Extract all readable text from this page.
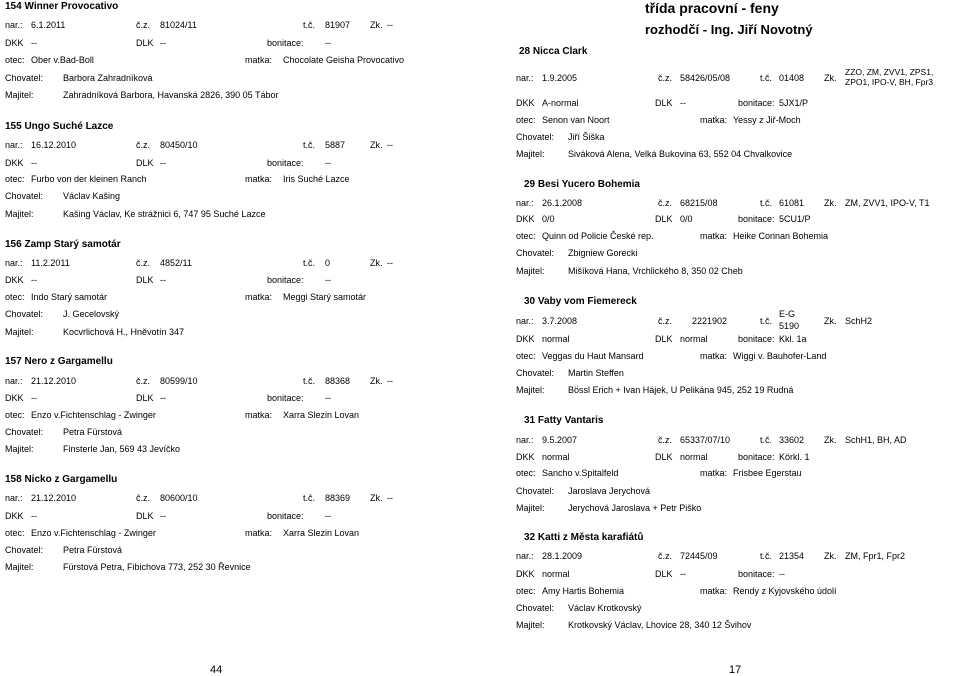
154 Winner Provocativo
nar.: 6.1.2011	č.z. 81024/11	t.č. 81907 Zk. --
DKK --	DLK --	bonitace: --
otec: Ober v.Bad-Boll	matka: Chocolate Geisha Provocativo
Chovatel: Barbora Zahradníková
Majitel:	Zahradníková Barbora, Havanská 2826, 390 05 Tábor
155 Ungo Suché Lazce
nar.: 16.12.2010	č.z. 80450/10	t.č. 5887	Zk. --
DKK --	DLK --	bonitace: --
otec: Furbo von der kleinen Ranch	matka: Iris Suché Lazce
Chovatel: Václav Kašing
Majitel:	Kašing Václav, Ke strážnici 6, 747 95 Suché Lazce
156 Zamp Starý samotár
nar.: 11.2.2011	č.z. 4852/11	t.č. 0	Zk. --
DKK --	DLK --	bonitace: --
otec: Indo Starý samotár	matka: Meggi Starý samotár
Chovatel: J. Gecelovský
Majitel:	Kocvrlichová H., Hněvotín 347
157 Nero z Gargamellu
nar.: 21.12.2010	č.z. 80599/10	t.č. 88368 Zk. --
DKK --	DLK --	bonitace: --
otec: Enzo v.Fichtenschlag - Zwinger	matka: Xarra Slezin Lovan
Chovatel: Petra Fürstová
Majitel:	Finsterle Jan, 569 43 Jevíčko
158 Nicko z Gargamellu
nar.: 21.12.2010	č.z. 80600/10	t.č. 88369 Zk. --
DKK --	DLK --	bonitace: --
otec: Enzo v.Fichtenschlag - Zwinger	matka: Xarra Slezin Lovan
Chovatel: Petra Fürstová
Majitel:	Fürstová Petra, Fibichova 773, 252 30 Řevnice
44
třída pracovní - feny
rozhodčí - Ing. Jiří Novotný
28 Nicca Clark
nar.: 1.9.2005	č.z. 58426/05/08	t.č. 01408 Zk.
ZZO, ZM, ZVV1, ZPS1, ZPO1, IPO-V, BH, Fpr3
DKK A-normal	DLK --	bonitace: 5JX1/P
otec: Senon van Noort	matka: Yessy z Jiř-Moch
Chovatel: Jiří Šiška
Majitel:	Siváková Alena, Velká Bukovina 63, 552 04 Chvalkovice
29 Besi Yucero Bohemia
nar.: 26.1.2008	č.z. 68215/08	t.č. 61081 Zk. ZM, ZVV1, IPO-V, T1
DKK 0/0	DLK 0/0	bonitace: 5CU1/P
otec: Quinn od Policie České rep.	matka: Heike Connan Bohemia
Chovatel: Zbigniew Gorecki
Majitel:	Mišíková Hana, Vrchlického 8, 350 02 Cheb
30 Vaby vom Fiemereck
nar.: 3.7.2008	č.z. 2221902	t.č.
E-G 5190	Zk. SchH2
DKK normal	DLK normal	bonitace: Kkl. 1a
otec: Veggas du Haut Mansard	matka: Wiggi v. Bauhofer-Land
Chovatel: Martin Steffen
Majitel:	Bössl Erich + Ivan Hájek, U Pelikána 945, 252 19 Rudná
31 Fatty Vantaris
nar.: 9.5.2007	č.z. 65337/07/10	t.č. 33602 Zk. SchH1, BH, AD
DKK normal	DLK normal	bonitace: Körkl. 1
otec: Sancho v.Spitalfeld	matka: Frisbee Egerstau
Chovatel: Jaroslava Jerychová
Majitel:	Jerychová Jaroslava + Petr Piško
32 Katti z Města karafiátů
nar.: 28.1.2009	č.z. 72445/09	t.č. 21354 Zk. ZM, Fpr1, Fpr2
DKK normal	DLK --	bonitace: --
otec: Amy Hartis Bohemia	matka: Rendy z Kyjovského údolí
Chovatel: Václav Krotkovský
Majitel:	Krotkovský Václav, Lhovice 28, 340 12 Švihov
17
